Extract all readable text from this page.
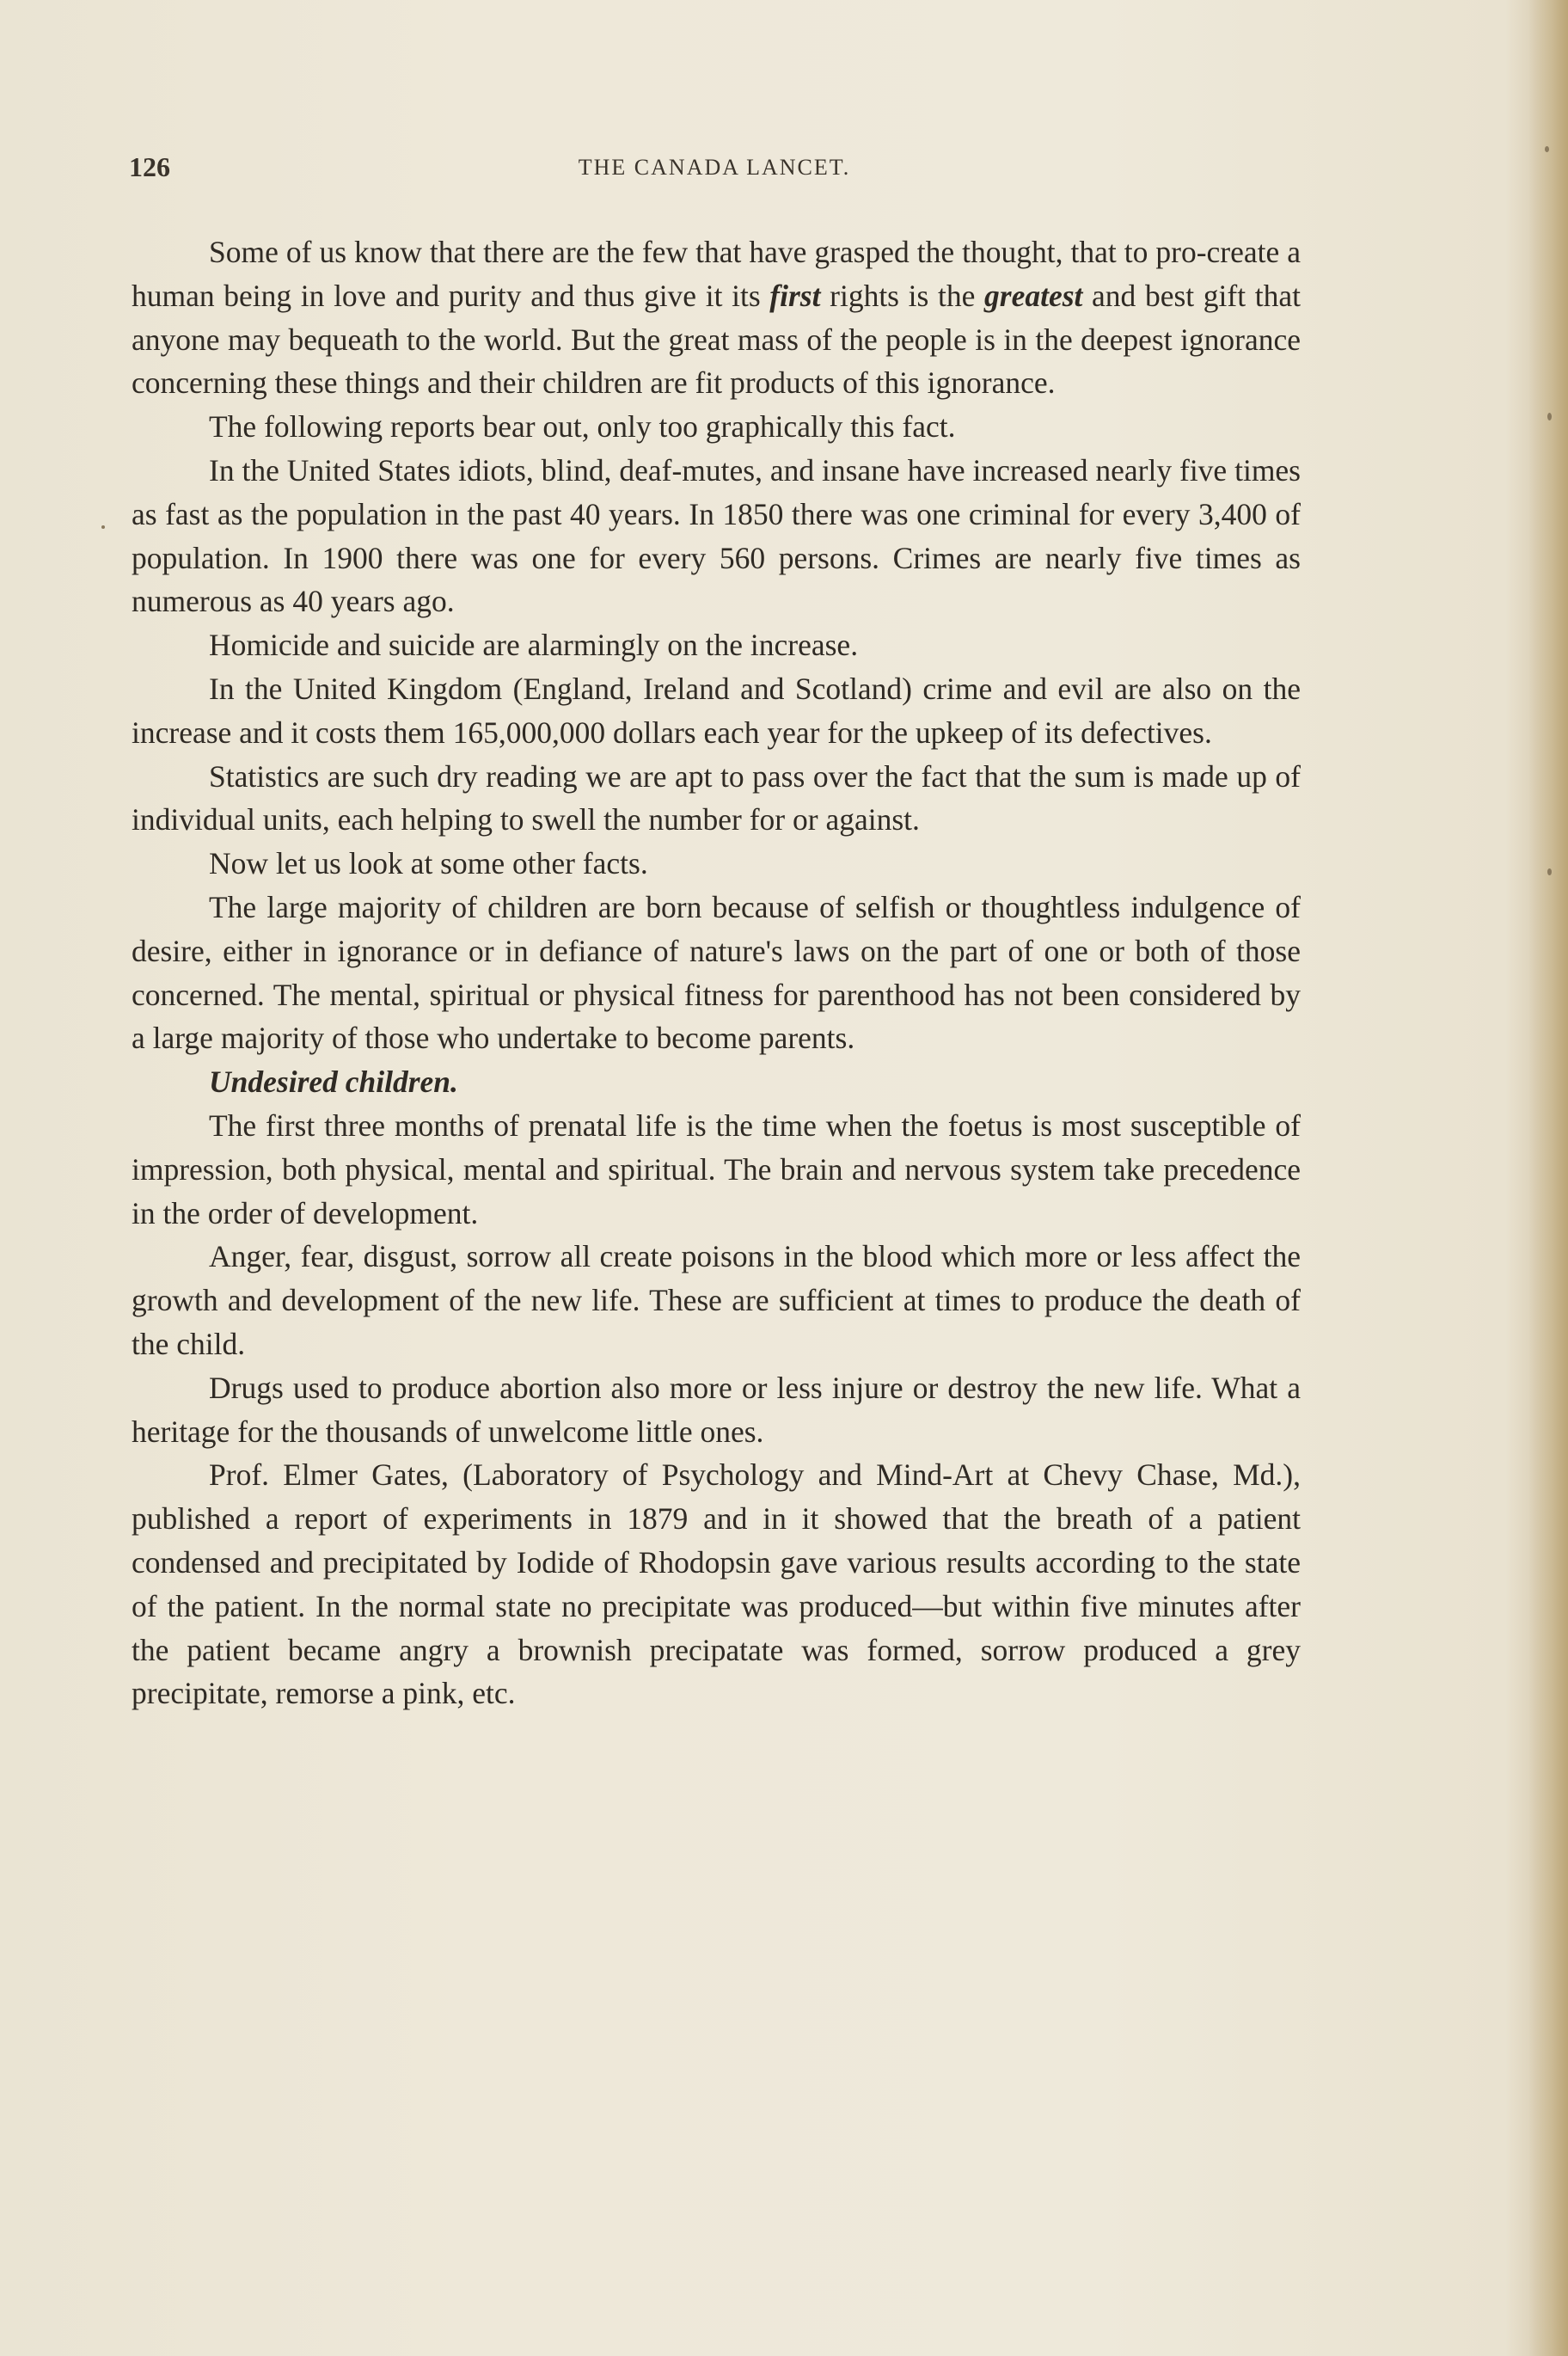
126	THE CANADA LANCET.

Some of us know that there are the few that have grasped the thought, that to pro-create a human being in love and purity and thus give it its first rights is the greatest and best gift that anyone may bequeath to the world. But the great mass of the people is in the deepest ignorance concerning these things and their children are fit products of this ignorance.

The following reports bear out, only too graphically this fact.

In the United States idiots, blind, deaf-mutes, and insane have increased nearly five times as fast as the population in the past 40 years. In 1850 there was one criminal for every 3,400 of population. In 1900 there was one for every 560 persons. Crimes are nearly five times as numerous as 40 years ago.

Homicide and suicide are alarmingly on the increase.

In the United Kingdom (England, Ireland and Scotland) crime and evil are also on the increase and it costs them 165,000,000 dollars each year for the upkeep of its defectives.

Statistics are such dry reading we are apt to pass over the fact that the sum is made up of individual units, each helping to swell the number for or against.

Now let us look at some other facts.

The large majority of children are born because of selfish or thoughtless indulgence of desire, either in ignorance or in defiance of nature's laws on the part of one or both of those concerned. The mental, spiritual or physical fitness for parenthood has not been considered by a large majority of those who undertake to become parents.

Undesired children.

The first three months of prenatal life is the time when the foetus is most susceptible of impression, both physical, mental and spiritual. The brain and nervous system take precedence in the order of development.

Anger, fear, disgust, sorrow all create poisons in the blood which more or less affect the growth and development of the new life. These are sufficient at times to produce the death of the child.

Drugs used to produce abortion also more or less injure or destroy the new life. What a heritage for the thousands of unwelcome little ones.

Prof. Elmer Gates, (Laboratory of Psychology and Mind-Art at Chevy Chase, Md.), published a report of experiments in 1879 and in it showed that the breath of a patient condensed and precipitated by Iodide of Rhodopsin gave various results according to the state of the patient. In the normal state no precipitate was produced—but within five minutes after the patient became angry a brownish precipatate was formed, sorrow produced a grey precipitate, remorse a pink, etc.
